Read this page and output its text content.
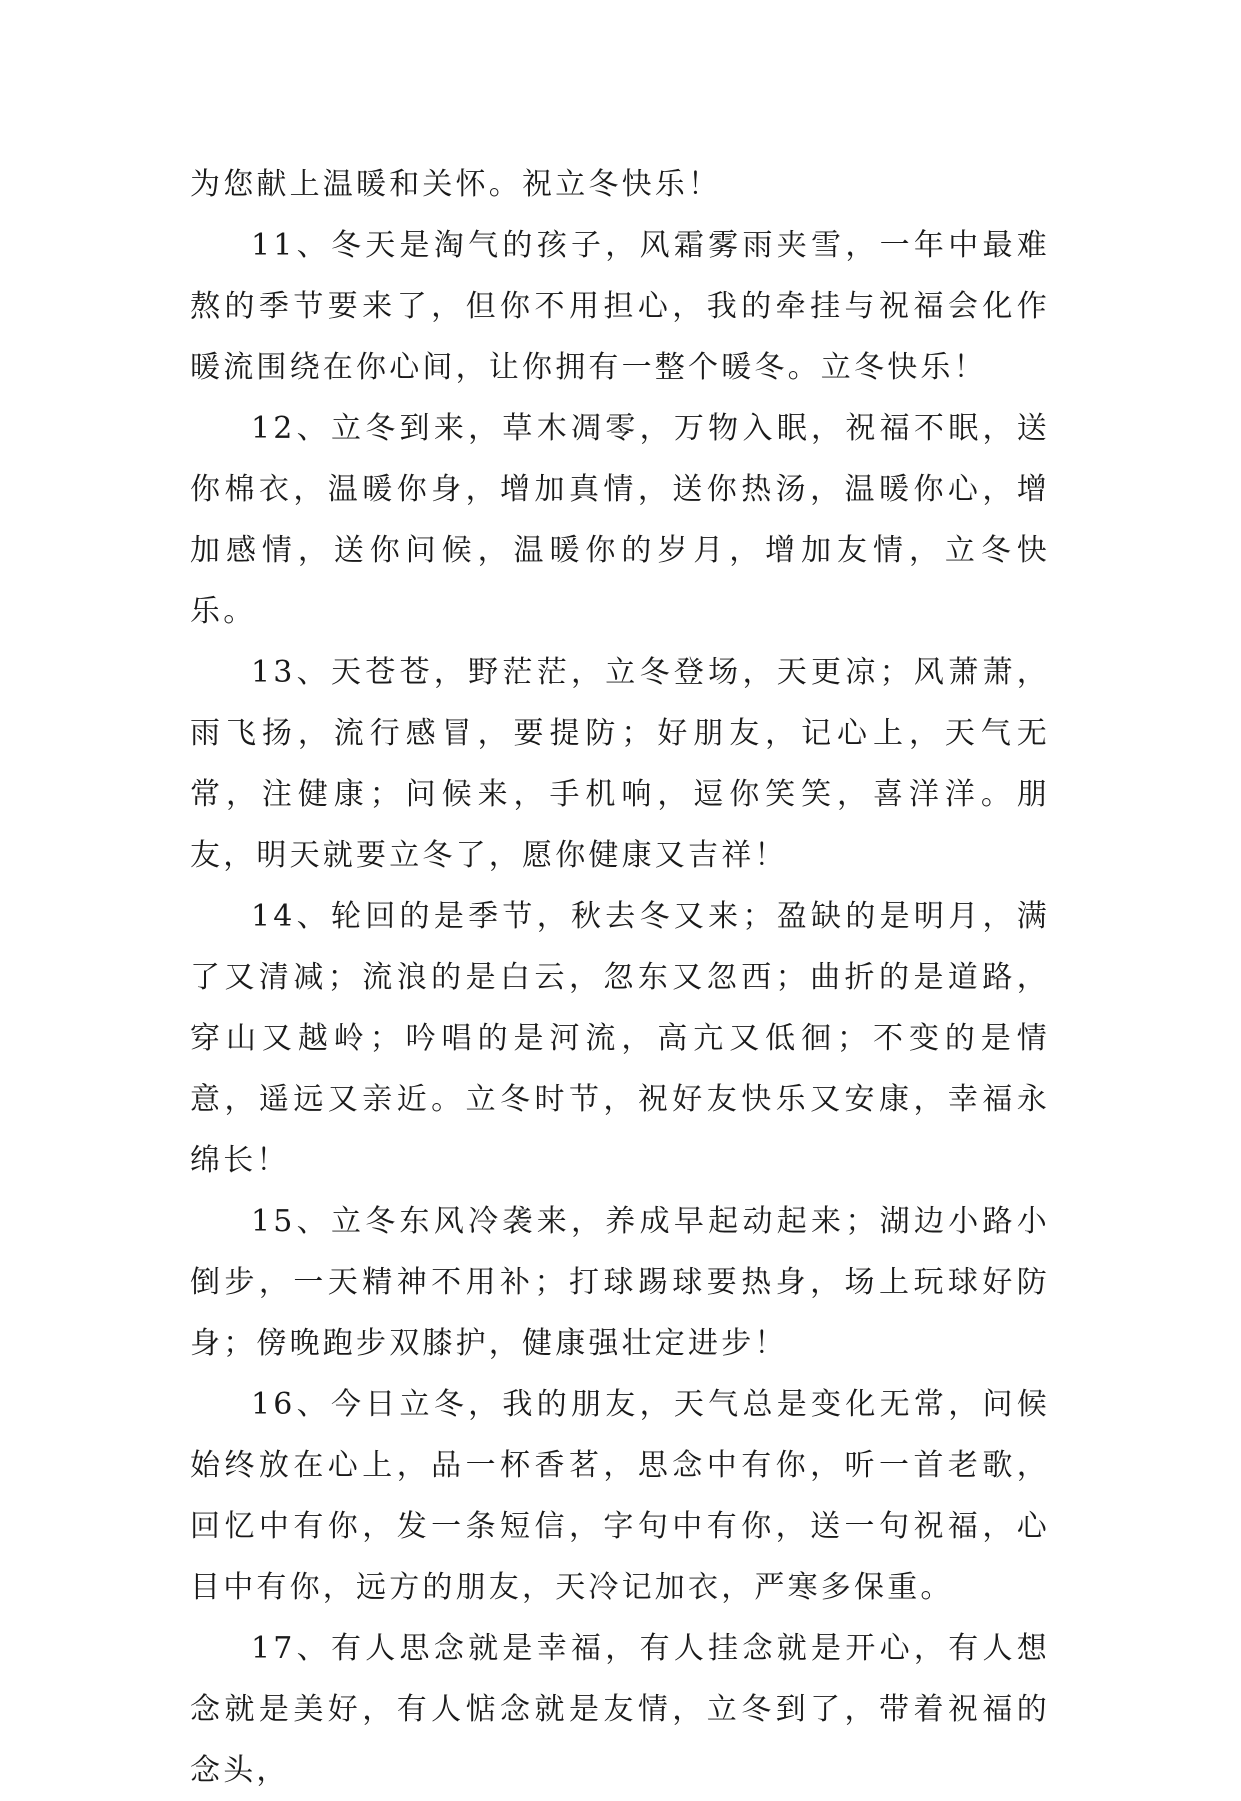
为您献上温暖和关怀。祝立冬快乐！

11、冬天是淘气的孩子，风霜雾雨夹雪，一年中最难熬的季节要来了，但你不用担心，我的牵挂与祝福会化作暖流围绕在你心间，让你拥有一整个暖冬。立冬快乐！

12、立冬到来，草木凋零，万物入眠，祝福不眠，送你棉衣，温暖你身，增加真情，送你热汤，温暖你心，增加感情，送你问候，温暖你的岁月，增加友情，立冬快乐。

13、天苍苍，野茫茫，立冬登场，天更凉；风萧萧，雨飞扬，流行感冒，要提防；好朋友，记心上，天气无常，注健康；问候来，手机响，逗你笑笑，喜洋洋。朋友，明天就要立冬了，愿你健康又吉祥！

14、轮回的是季节，秋去冬又来；盈缺的是明月，满了又清减；流浪的是白云，忽东又忽西；曲折的是道路，穿山又越岭；吟唱的是河流，高亢又低徊；不变的是情意，遥远又亲近。立冬时节，祝好友快乐又安康，幸福永绵长！

15、立冬东风冷袭来，养成早起动起来；湖边小路小倒步，一天精神不用补；打球踢球要热身，场上玩球好防身；傍晚跑步双膝护，健康强壮定进步！

16、今日立冬，我的朋友，天气总是变化无常，问候始终放在心上，品一杯香茗，思念中有你，听一首老歌，回忆中有你，发一条短信，字句中有你，送一句祝福，心目中有你，远方的朋友，天冷记加衣，严寒多保重。

17、有人思念就是幸福，有人挂念就是开心，有人想念就是美好，有人惦念就是友情，立冬到了，带着祝福的念头，
